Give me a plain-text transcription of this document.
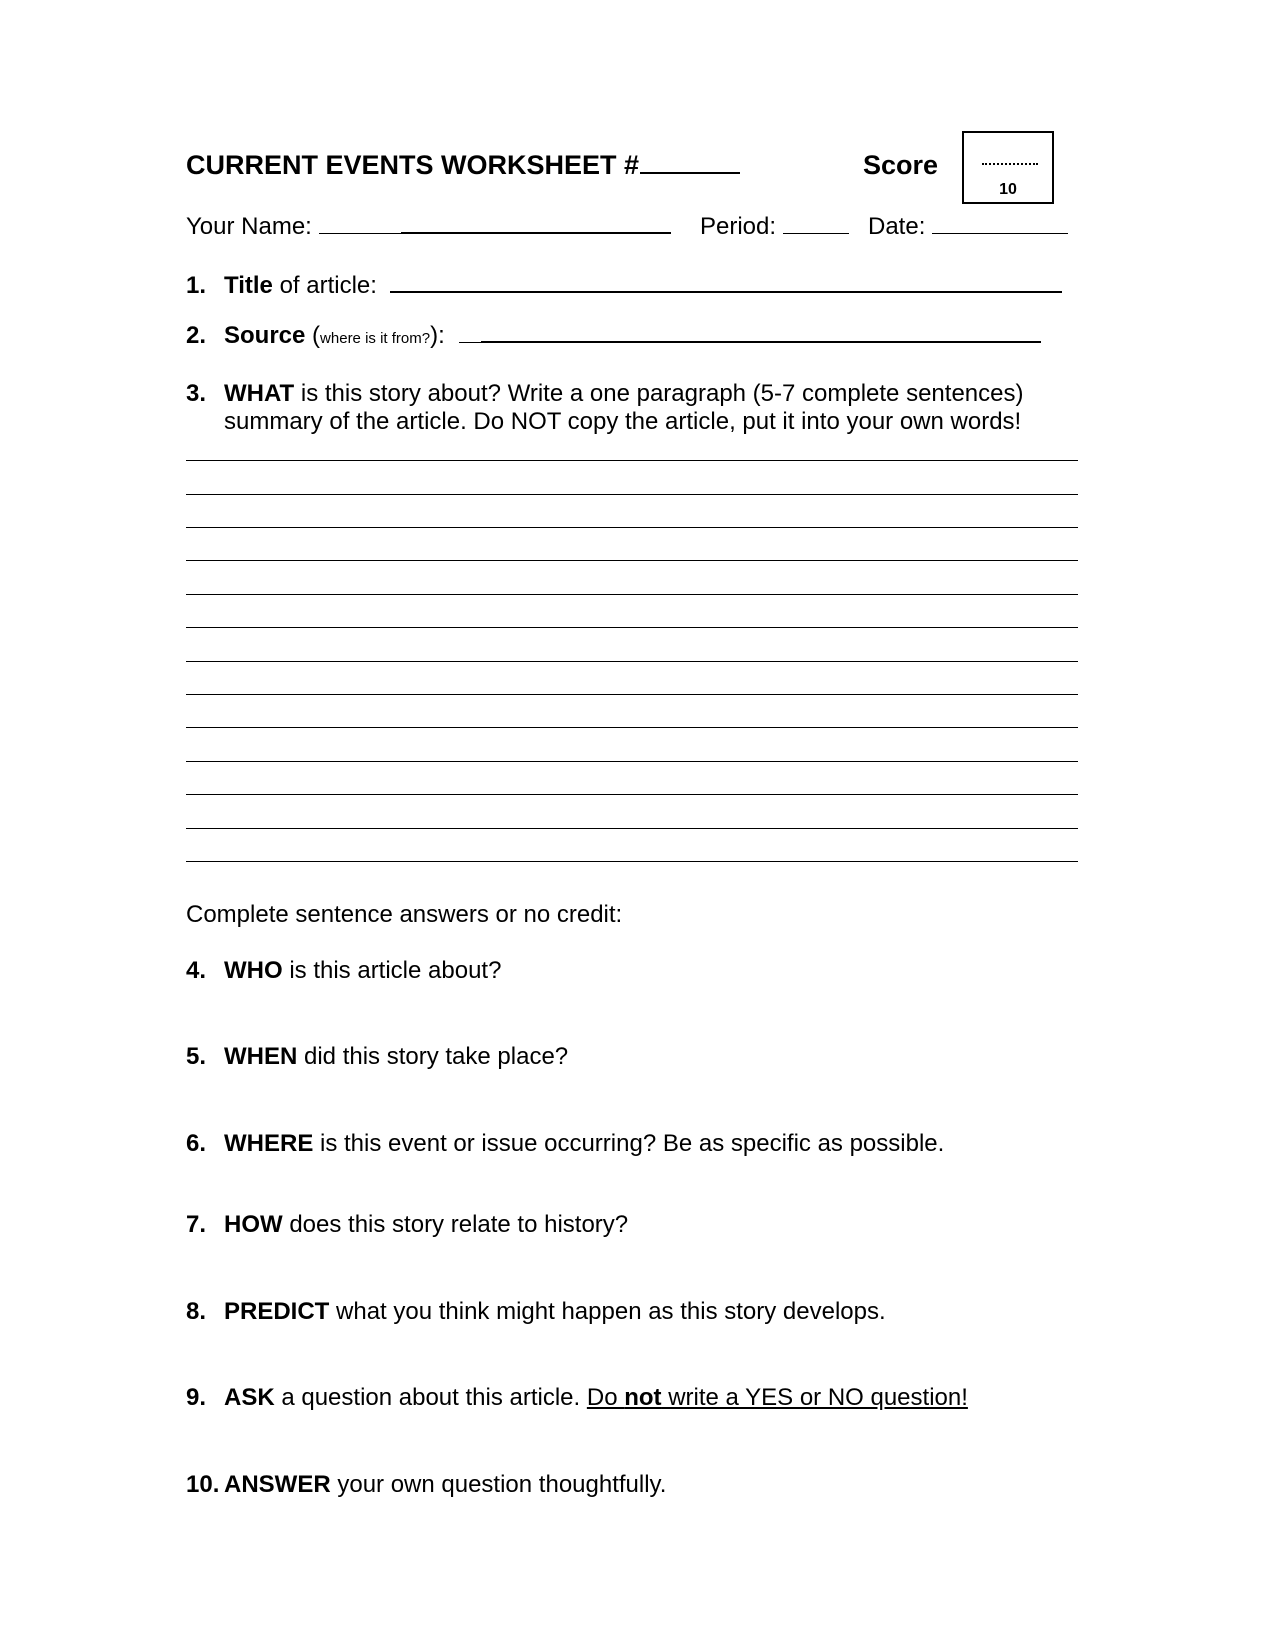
CURRENT EVENTS WORKSHEET #	Score
10
Your Name:	Period:	Date:
1. Title of article:
2. Source (where is it from?):
3. WHAT is this story about? Write a one paragraph (5-7 complete sentences)
summary of the article. Do NOT copy the article, put it into your own words!
Complete sentence answers or no credit:
4. WHO is this article about?
5. WHEN did this story take place?
6. WHERE is this event or issue occurring? Be as specific as possible.
7. HOW does this story relate to history?
8. PREDICT what you think might happen as this story develops.
9. ASK a question about this article. Do not write a YES or NO question!
10. ANSWER your own question thoughtfully.
